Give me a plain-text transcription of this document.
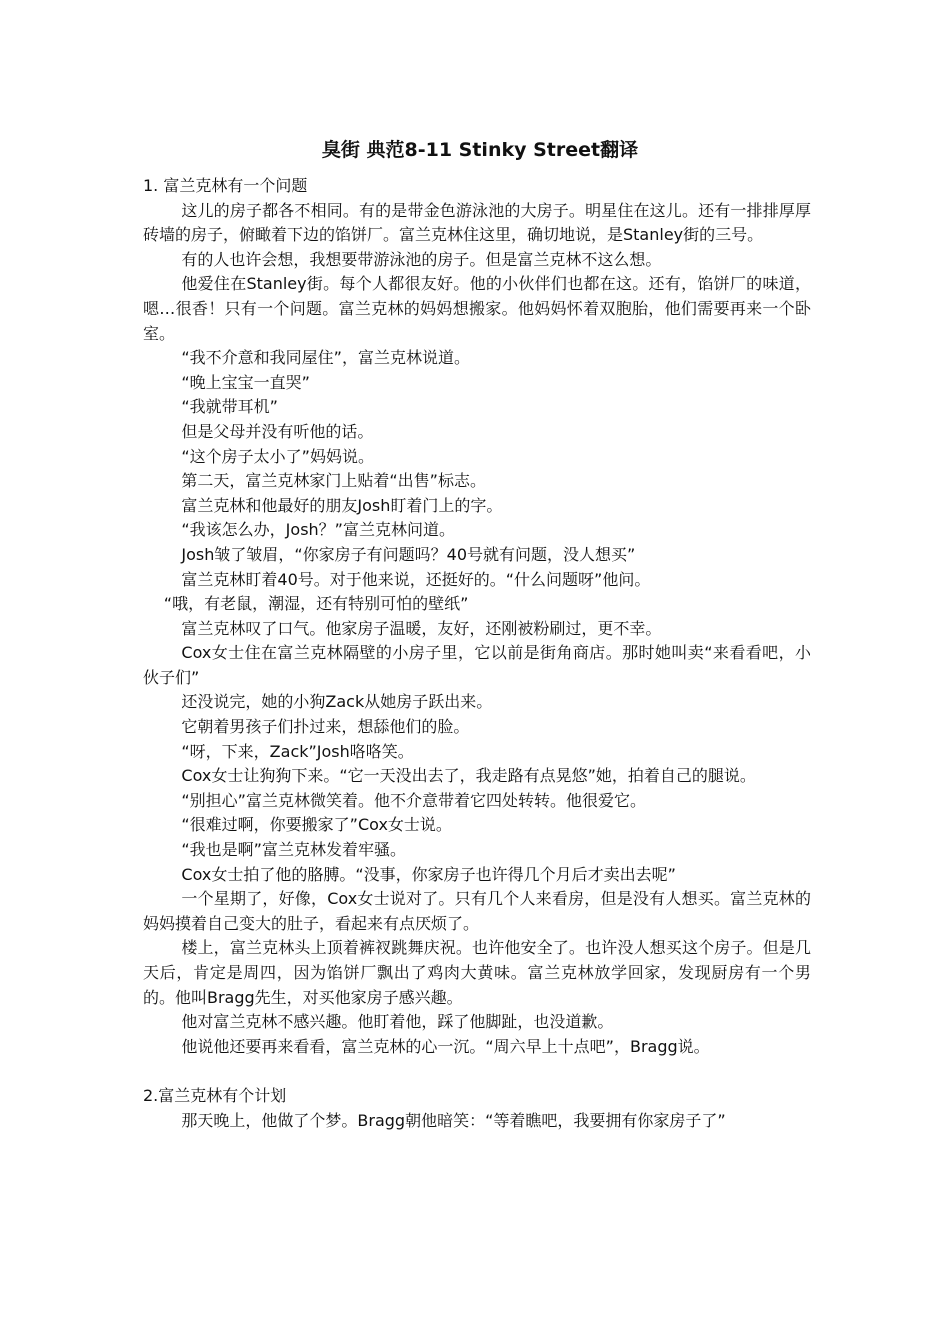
臭街 典范8-11 Stinky Street翻译
1. 富兰克林有一个问题

这儿的房子都各不相同。有的是带金色游泳池的大房子。明星住在这儿。还有一排排厚厚砖墙的房子，俯瞰着下边的馅饼厂。富兰克林住这里，确切地说，是Stanley街的三号。

有的人也许会想，我想要带游泳池的房子。但是富兰克林不这么想。

他爱住在Stanley街。每个人都很友好。他的小伙伴们也都在这。还有，馅饼厂的味道，嗯…很香！只有一个问题。富兰克林的妈妈想搬家。他妈妈怀着双胞胎，他们需要再来一个卧室。

“我不介意和我同屋住”，富兰克林说道。

“晚上宝宝一直哭”

“我就带耳机”

但是父母并没有听他的话。

“这个房子太小了”妈妈说。

第二天，富兰克林家门上贴着“出售”标志。

富兰克林和他最好的朋友Josh盯着门上的字。

“我该怎么办，Josh？”富兰克林问道。

Josh皱了皱眉，“你家房子有问题吗？40号就有问题，没人想买”

富兰克林盯着40号。对于他来说，还挺好的。“什么问题呀”他问。

“哦，有老鼠，潮湿，还有特别可怕的壁纸”

富兰克林叹了口气。他家房子温暖，友好，还刚被粉刷过，更不幸。

Cox女士住在富兰克林隔壁的小房子里，它以前是街角商店。那时她叫卖“来看看吧，小伙子们”

还没说完，她的小狗Zack从她房子跃出来。

它朝着男孩子们扑过来，想舔他们的脸。

“呀，下来，Zack”Josh咯咯笑。

Cox女士让狗狗下来。“它一天没出去了，我走路有点晃悠”她，拍着自己的腿说。

“别担心”富兰克林微笑着。他不介意带着它四处转转。他很爱它。

“很难过啊，你要搬家了”Cox女士说。

“我也是啊”富兰克林发着牢骚。

Cox女士拍了他的胳膊。“没事，你家房子也许得几个月后才卖出去呢”

一个星期了，好像，Cox女士说对了。只有几个人来看房，但是没有人想买。富兰克林的妈妈摸着自己变大的肚子，看起来有点厌烦了。

楼上，富兰克林头上顶着裤衩跳舞庆祝。也许他安全了。也许没人想买这个房子。但是几天后，肯定是周四，因为馅饼厂飘出了鸡肉大黄味。富兰克林放学回家，发现厨房有一个男的。他叫Bragg先生，对买他家房子感兴趣。

他对富兰克林不感兴趣。他盯着他，踩了他脚趾，也没道歉。

他说他还要再来看看，富兰克林的心一沉。“周六早上十点吧”，Bragg说。

2.富兰克林有个计划

那天晚上，他做了个梦。Bragg朝他暗笑：“等着瞧吧，我要拥有你家房子了”
